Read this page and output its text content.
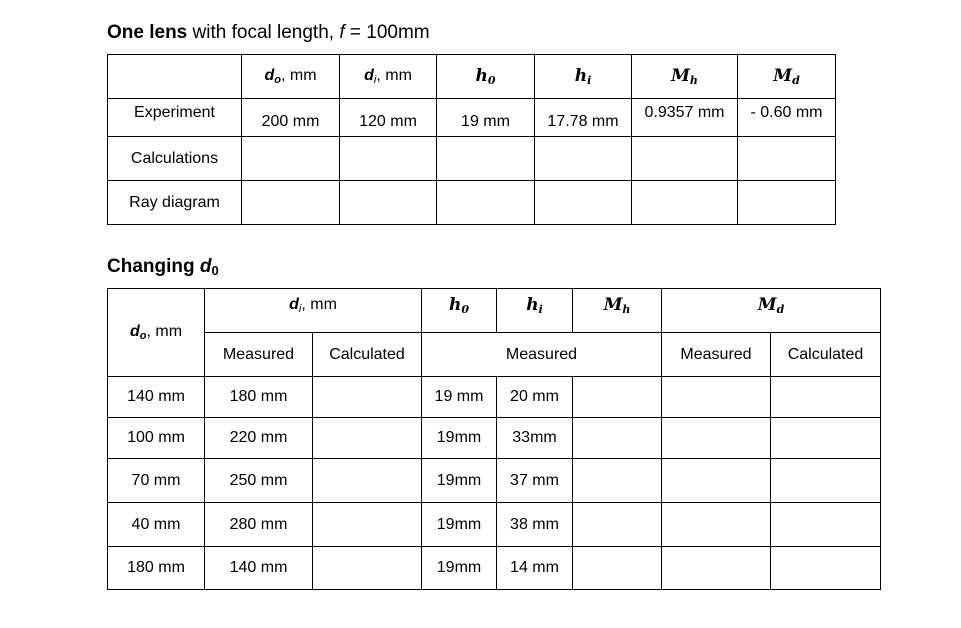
One lens with focal length, f = 100mm
	$d_o$, mm	$d_i$, mm	$h_0$	$h_i$	$M_h$	$M_d$
Experiment	200 mm	120 mm	19 mm	17.78 mm	0.9357 mm	- 0.60 mm
Calculations						
Ray diagram						
Changing $d_0$
$d_o$, mm	$d_i$, mm		$h_0$	$h_i$	$M_h$	$M_d$
	Measured	Calculated	Measured			Measured	Calculated
140 mm	180 mm		19 mm	20 mm			
100 mm	220 mm		19mm	33mm			
70 mm	250 mm		19mm	37 mm			
40 mm	280 mm		19mm	38 mm			
180 mm	140 mm		19mm	14 mm			
